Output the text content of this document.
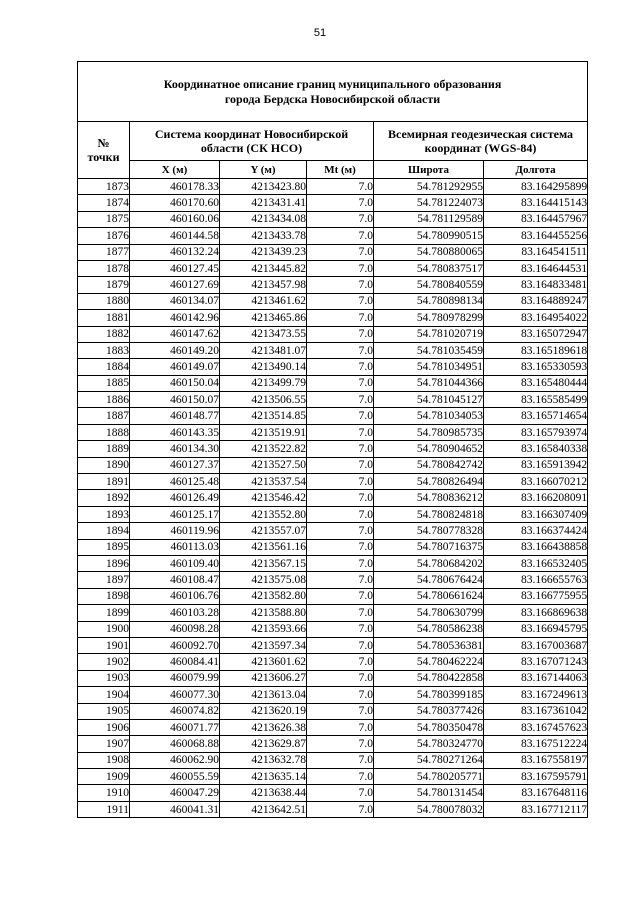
51
Координатное описание границ муниципального образования
города Бердска Новосибирской области					

№
точки	Система координат Новосибирской
области (СК НСО)			Всемирная геодезическая система
координат (WGS-84)	

	X (м)	Y (м)	Mt (м)	Широта	Долгота
1873	460178.33	4213423.80	7.0	54.781292955	83.164295899
1874	460170.60	4213431.41	7.0	54.781224073	83.164415143
1875	460160.06	4213434.08	7.0	54.781129589	83.164457967
1876	460144.58	4213433.78	7.0	54.780990515	83.164455256
1877	460132.24	4213439.23	7.0	54.780880065	83.164541511
1878	460127.45	4213445.82	7.0	54.780837517	83.164644531
1879	460127.69	4213457.98	7.0	54.780840559	83.164833481
1880	460134.07	4213461.62	7.0	54.780898134	83.164889247
1881	460142.96	4213465.86	7.0	54.780978299	83.164954022
1882	460147.62	4213473.55	7.0	54.781020719	83.165072947
1883	460149.20	4213481.07	7.0	54.781035459	83.165189618
1884	460149.07	4213490.14	7.0	54.781034951	83.165330593
1885	460150.04	4213499.79	7.0	54.781044366	83.165480444
1886	460150.07	4213506.55	7.0	54.781045127	83.165585499
1887	460148.77	4213514.85	7.0	54.781034053	83.165714654
1888	460143.35	4213519.91	7.0	54.780985735	83.165793974
1889	460134.30	4213522.82	7.0	54.780904652	83.165840338
1890	460127.37	4213527.50	7.0	54.780842742	83.165913942
1891	460125.48	4213537.54	7.0	54.780826494	83.166070212
1892	460126.49	4213546.42	7.0	54.780836212	83.166208091
1893	460125.17	4213552.80	7.0	54.780824818	83.166307409
1894	460119.96	4213557.07	7.0	54.780778328	83.166374424
1895	460113.03	4213561.16	7.0	54.780716375	83.166438858
1896	460109.40	4213567.15	7.0	54.780684202	83.166532405
1897	460108.47	4213575.08	7.0	54.780676424	83.166655763
1898	460106.76	4213582.80	7.0	54.780661624	83.166775955
1899	460103.28	4213588.80	7.0	54.780630799	83.166869638
1900	460098.28	4213593.66	7.0	54.780586238	83.166945795
1901	460092.70	4213597.34	7.0	54.780536381	83.167003687
1902	460084.41	4213601.62	7.0	54.780462224	83.167071243
1903	460079.99	4213606.27	7.0	54.780422858	83.167144063
1904	460077.30	4213613.04	7.0	54.780399185	83.167249613
1905	460074.82	4213620.19	7.0	54.780377426	83.167361042
1906	460071.77	4213626.38	7.0	54.780350478	83.167457623
1907	460068.88	4213629.87	7.0	54.780324770	83.167512224
1908	460062.90	4213632.78	7.0	54.780271264	83.167558197
1909	460055.59	4213635.14	7.0	54.780205771	83.167595791
1910	460047.29	4213638.44	7.0	54.780131454	83.167648116
1911	460041.31	4213642.51	7.0	54.780078032	83.167712117
